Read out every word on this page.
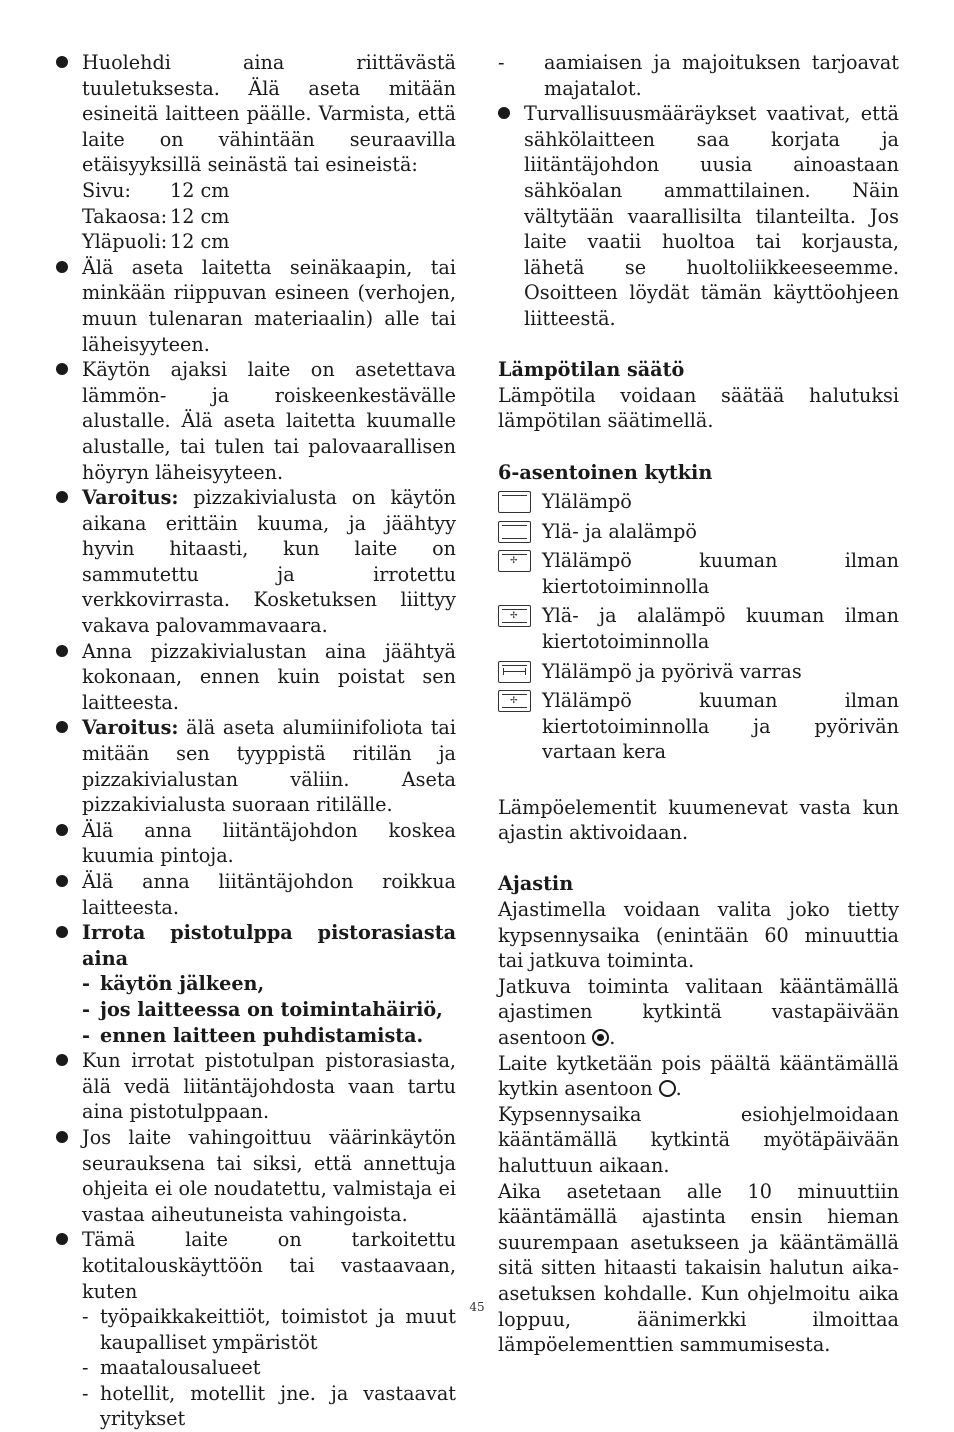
Huolehdi aina riittävästä tuuletuksesta. Älä aseta mitään esineitä laitteen päälle. Varmista, että laite on vähintään seuraavilla etäisyyksillä seinästä tai esineistä:

Sivu:	12 cm
Takaosa: 12 cm
Yläpuoli: 12 cm

Älä aseta laitetta seinäkaapin, tai minkään riippuvan esineen (verhojen, muun tulenaran materiaalin) alle tai läheisyyteen.

Käytön ajaksi laite on asetettava lämmön- ja roiskeenkestävälle alustalle. Älä aseta laitetta kuumalle alustalle, tai tulen tai palovaarallisen höyryn läheisyyteen.

Varoitus: pizzakivialusta on käytön aikana erittäin kuuma, ja jäähtyy hyvin hitaasti, kun laite on sammutettu ja irrotettu verkkovirrasta. Kosketuksen liittyy vakava palovammavaara.

Anna pizzakivialustan aina jäähtyä kokonaan, ennen kuin poistat sen laitteesta.

Varoitus: älä aseta alumiinifoliota tai mitään sen tyyppistä ritilän ja pizzakivialustan väliin. Aseta pizzakivialusta suoraan ritilälle.

Älä anna liitäntäjohdon koskea kuumia pintoja.

Älä anna liitäntäjohdon roikkua laitteesta.

Irrota pistotulppa pistorasiasta aina

- käytön jälkeen,

- jos laitteessa on toimintahäiriö,

- ennen laitteen puhdistamista.

Kun irrotat pistotulpan pistorasiasta, älä vedä liitäntäjohdosta vaan tartu aina pistotulppaan.

Jos laite vahingoittuu väärinkäytön seurauksena tai siksi, että annettuja ohjeita ei ole noudatettu, valmistaja ei vastaa aiheutuneista vahingoista.

Tämä laite on tarkoitettu kotitalouskäyttöön tai vastaavaan, kuten

- työpaikkakeittiöt, toimistot ja muut kaupalliset ympäristöt

- maatalousalueet

- hotellit, motellit jne. ja vastaavat yritykset

- aamiaisen ja majoituksen tarjoavat majatalot.

Turvallisuusmääräykset vaativat, että sähkölaitteen saa korjata ja liitäntäjohdon uusia ainoastaan sähköalan ammattilainen. Näin vältytään vaarallisilta tilanteilta. Jos laite vaatii huoltoa tai korjausta, lähetä se huoltoliikkeeseemme. Osoitteen löydät tämän käyttöohjeen liitteestä.

Lämpötilan säätö

Lämpötila voidaan säätää halutuksi lämpötilan säätimellä.

6-asentoinen kytkin

Ylälämpö
Ylä- ja alalämpö
✢ Ylälämpö kuuman ilman kiertotoiminnolla
✢ Ylä- ja alalämpö kuuman ilman kiertotoiminnolla
Ylälämpö ja pyörivä varras
✢ Ylälämpö kuuman ilman kiertotoiminnolla ja pyörivän vartaan kera

Lämpöelementit kuumenevat vasta kun ajastin aktivoidaan.

Ajastin

Ajastimella voidaan valita joko tietty kypsennysaika (enintään 60 minuuttia tai jatkuva toiminta.

Jatkuva toiminta valitaan kääntämällä ajastimen kytkintä vastapäivään asentoon .

Laite kytketään pois päältä kääntämällä kytkin asentoon .

Kypsennysaika esiohjelmoidaan kääntämällä kytkintä myötäpäivään haluttuun aikaan.

Aika asetetaan alle 10 minuuttiin kääntämällä ajastinta ensin hieman suurempaan asetukseen ja kääntämällä sitä sitten hitaasti takaisin halutun aika-asetuksen kohdalle. Kun ohjelmoitu aika loppuu, äänimerkki ilmoittaa lämpöelementtien sammumisesta.

45
